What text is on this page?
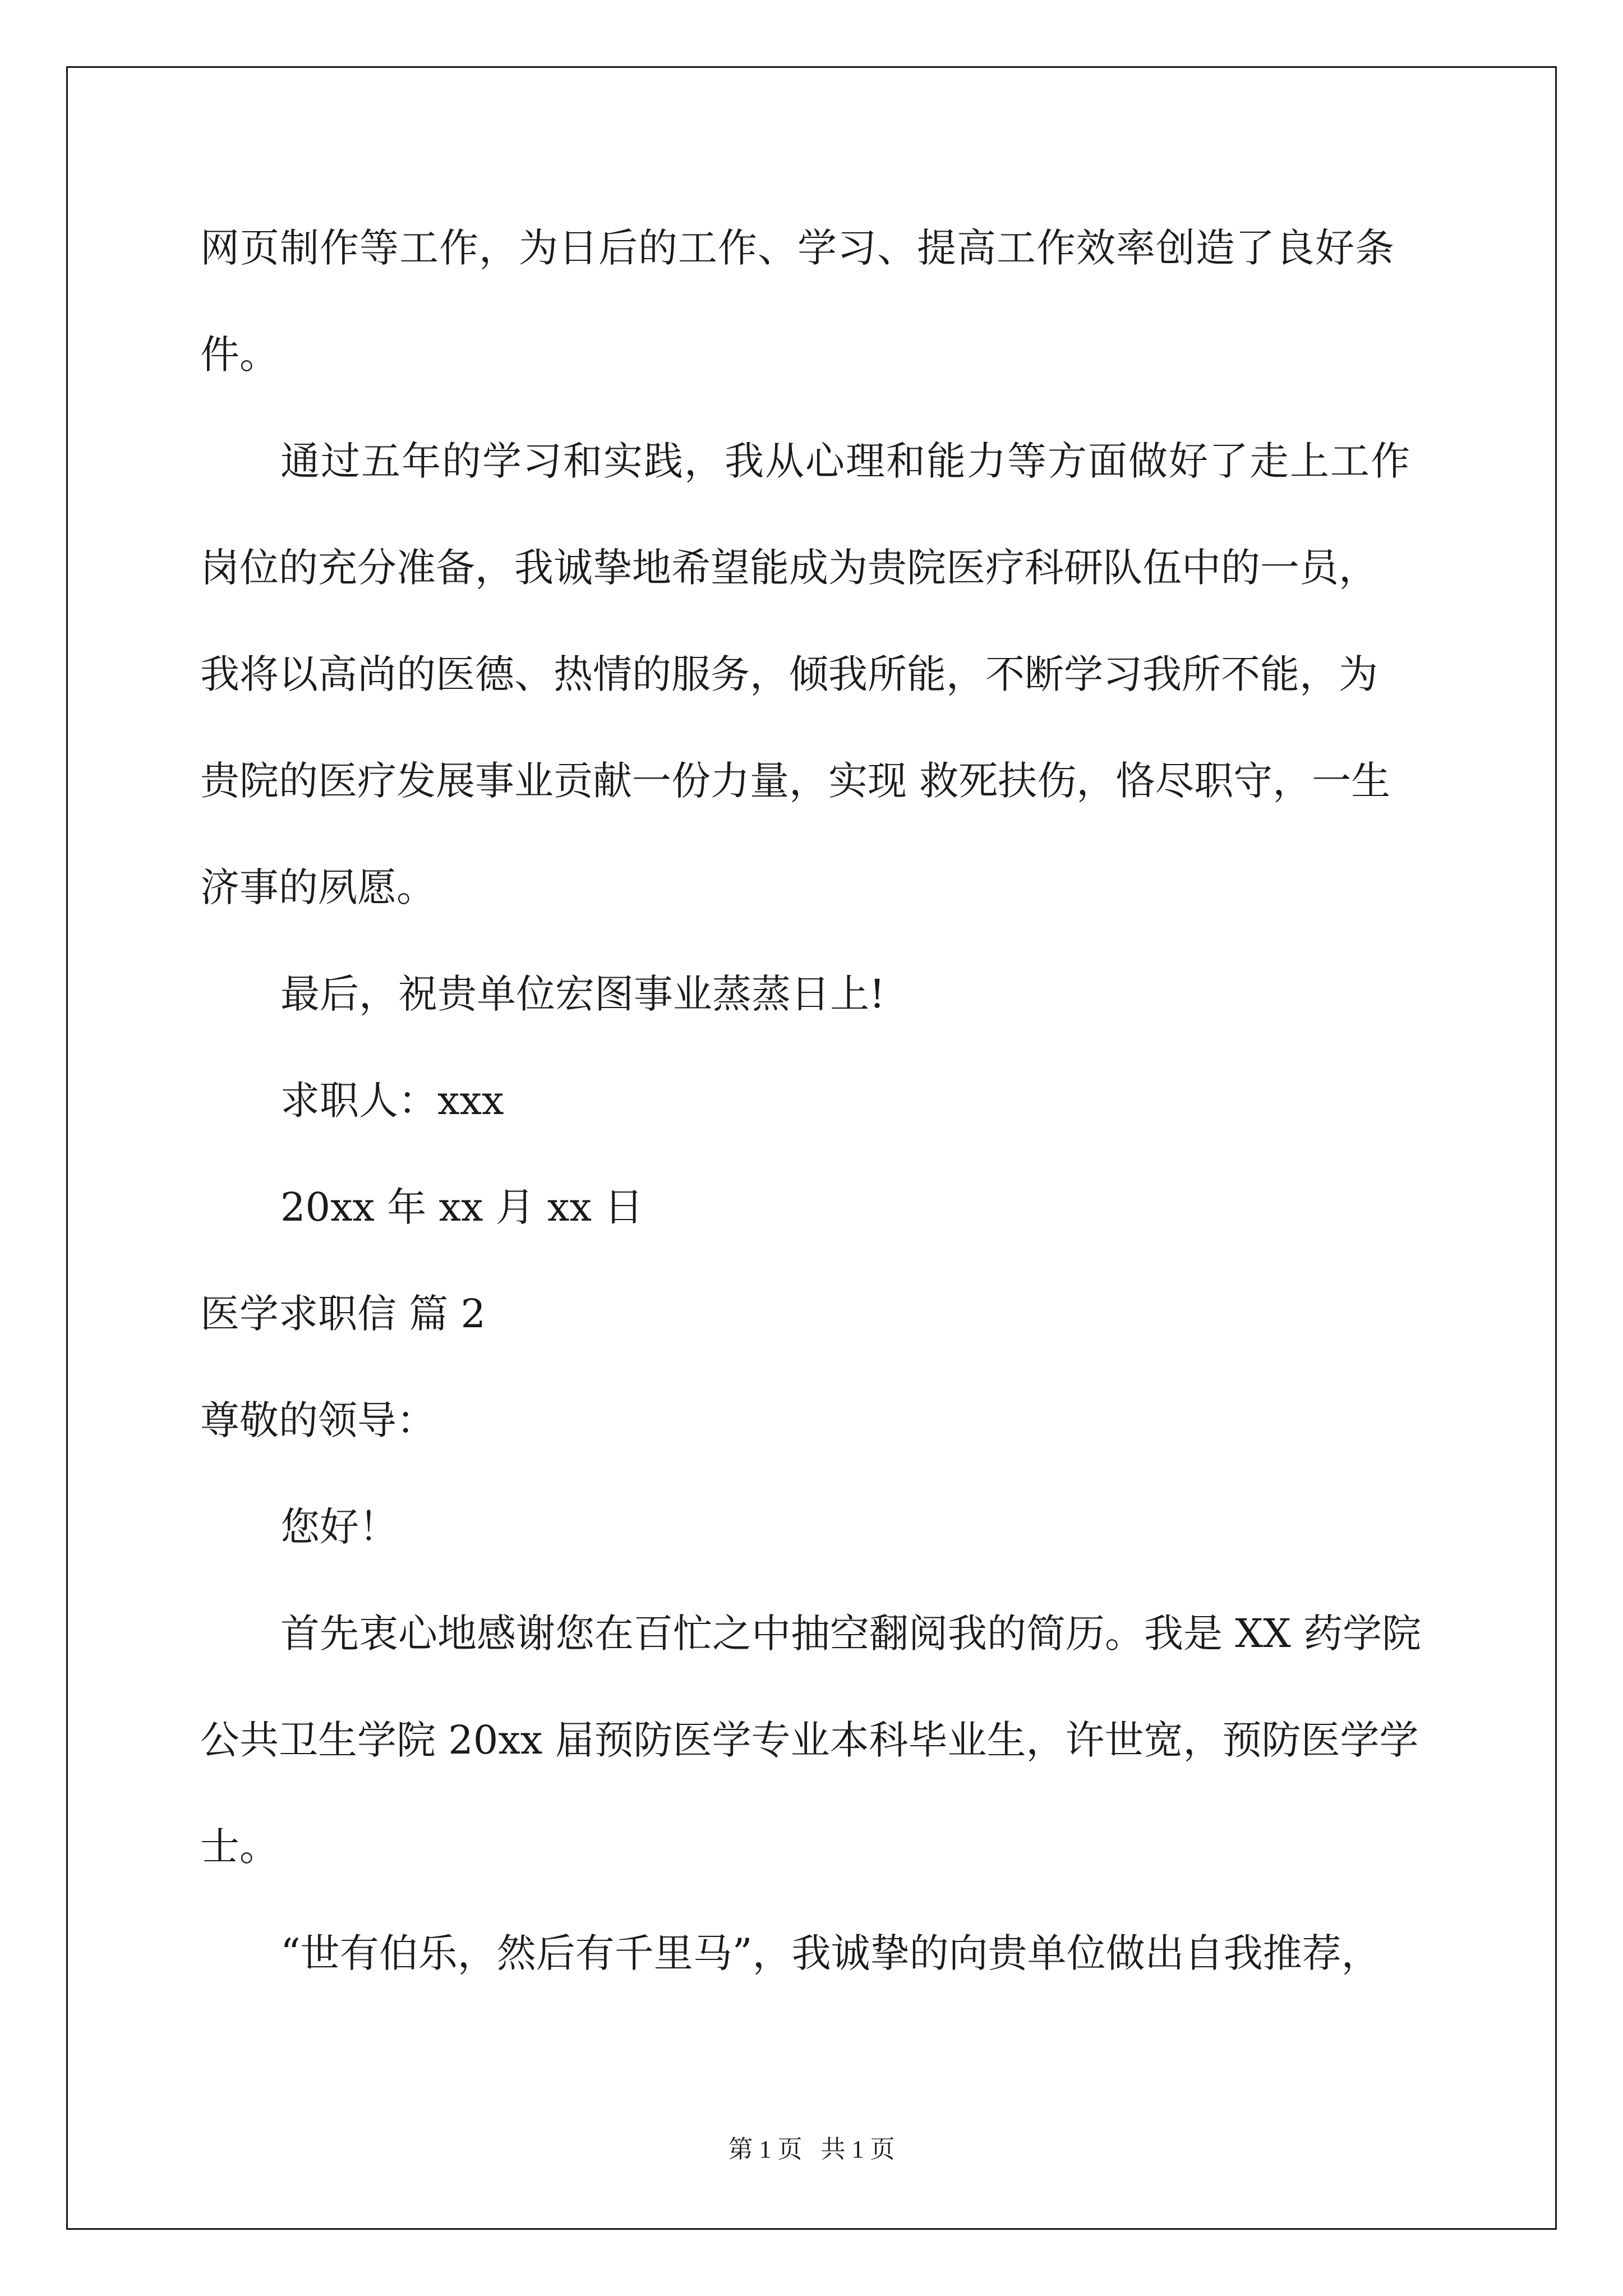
网页制作等工作，为日后的工作、学习、提高工作效率创造了良好条
件。
通过五年的学习和实践，我从心理和能力等方面做好了走上工作
岗位的充分准备，我诚挚地希望能成为贵院医疗科研队伍中的一员，
我将以高尚的医德、热情的服务，倾我所能，不断学习我所不能，为
贵院的医疗发展事业贡献一份力量，实现 救死扶伤，恪尽职守，一生
济事的夙愿。
最后，祝贵单位宏图事业蒸蒸日上!
求职人：xxx
20xx 年 xx 月 xx 日
医学求职信 篇 2
尊敬的领导：
您好！
首先衷心地感谢您在百忙之中抽空翻阅我的简历。我是 XX 药学院
公共卫生学院 20xx 届预防医学专业本科毕业生，许世宽，预防医学学
士。
“世有伯乐，然后有千里马”，我诚挚的向贵单位做出自我推荐，
第 1 页   共 1 页
